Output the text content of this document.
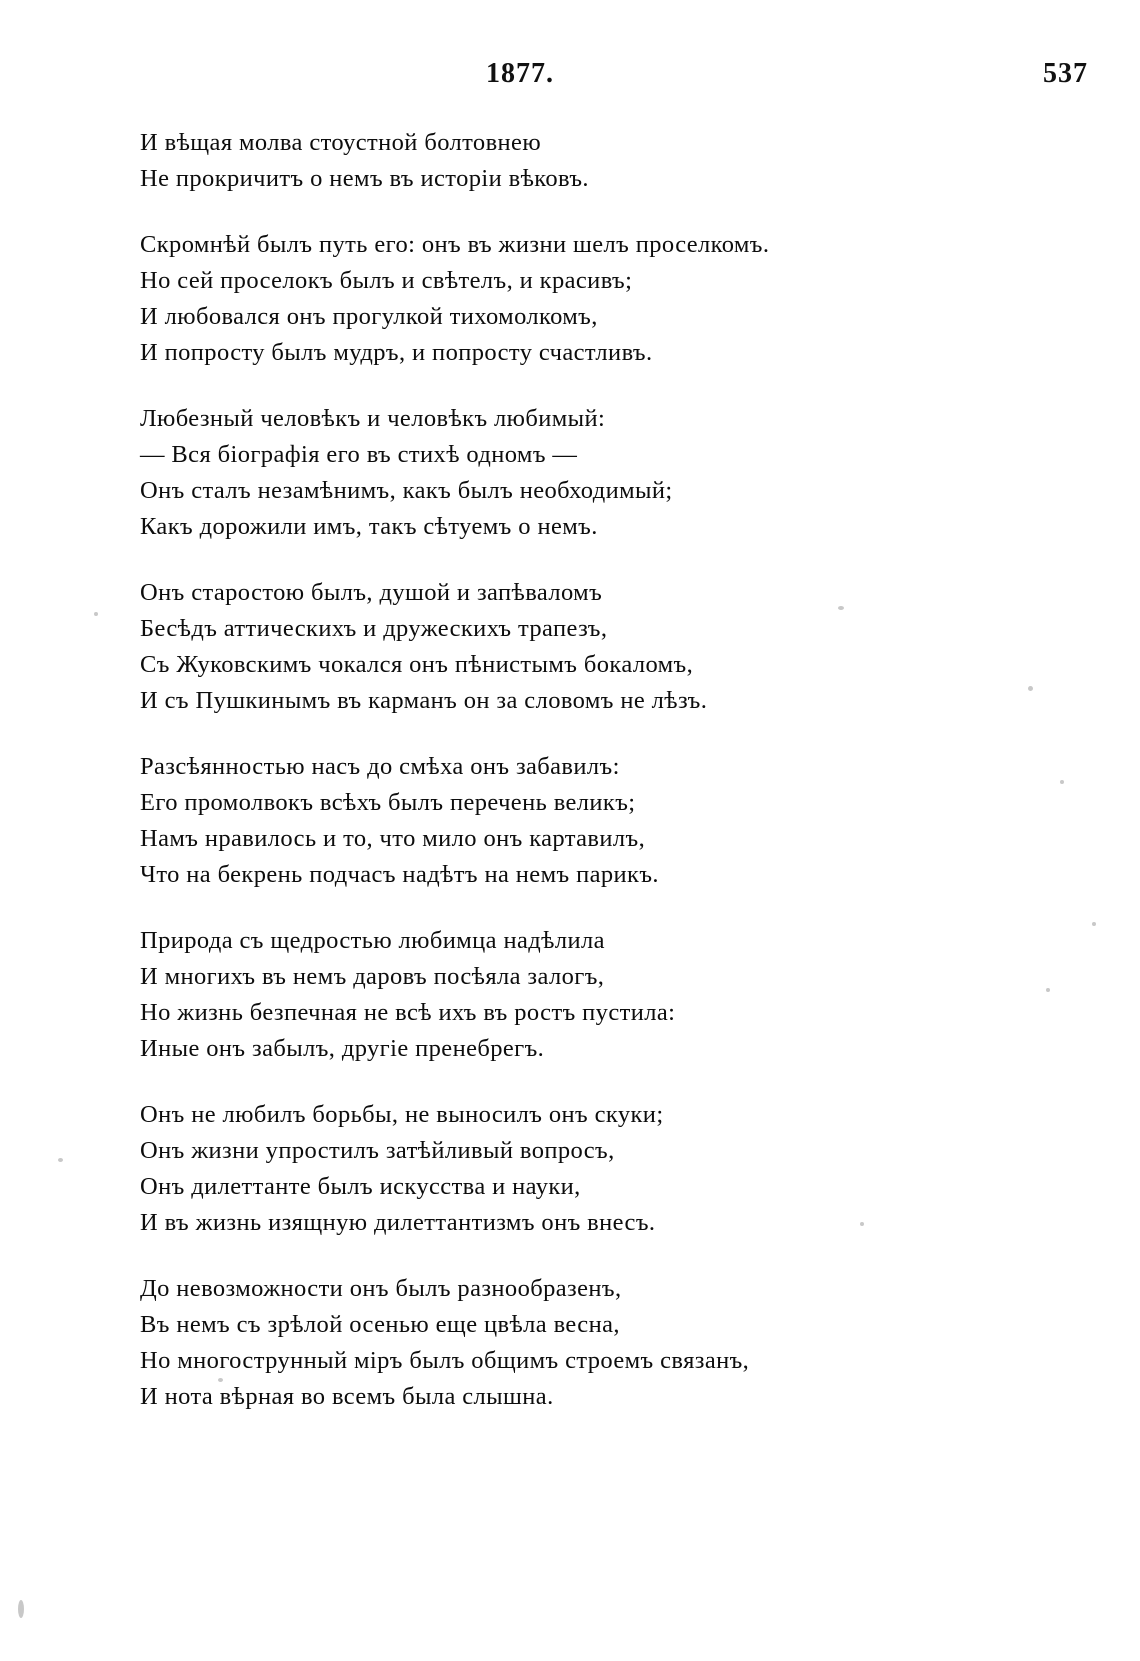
1877.	537
И вѣщая молва стоустной болтовнею
Не прокричитъ о немъ въ исторіи вѣковъ.
Скромнѣй былъ путь его: онъ въ жизни шелъ проселкомъ.
Но сей проселокъ былъ и свѣтелъ, и красивъ;
И любовался онъ прогулкой тихомолкомъ,
И попросту былъ мудръ, и попросту счастливъ.
Любезный человѣкъ и человѣкъ любимый:
— Вся біографія его въ стихѣ одномъ —
Онъ сталъ незамѣнимъ, какъ былъ необходимый;
Какъ дорожили имъ, такъ сѣтуемъ о немъ.
Онъ старостою былъ, душой и запѣваломъ
Бесѣдъ аттическихъ и дружескихъ трапезъ,
Съ Жуковскимъ чокался онъ пѣнистымъ бокаломъ,
И съ Пушкинымъ въ карманъ он за словомъ не лѣзъ.
Разсѣянностью насъ до смѣха онъ забавилъ:
Его промолвокъ всѣхъ былъ перечень великъ;
Намъ нравилось и то, что мило онъ картавилъ,
Что на бекрень подчасъ надѣтъ на немъ парикъ.
Природа съ щедростью любимца надѣлила
И многихъ въ немъ даровъ посѣяла залогъ,
Но жизнь безпечная не всѣ ихъ въ ростъ пустила:
Иные онъ забылъ, другіе пренебрегъ.
Онъ не любилъ борьбы, не выносилъ онъ скуки;
Онъ жизни упростилъ затѣйливый вопросъ,
Онъ дилеттанте былъ искусства и науки,
И въ жизнь изящную дилеттантизмъ онъ внесъ.
До невозможности онъ былъ разнообразенъ,
Въ немъ съ зрѣлой осенью еще цвѣла весна,
Но многострунный міръ былъ общимъ строемъ связанъ,
И нота вѣрная во всемъ была слышна.
